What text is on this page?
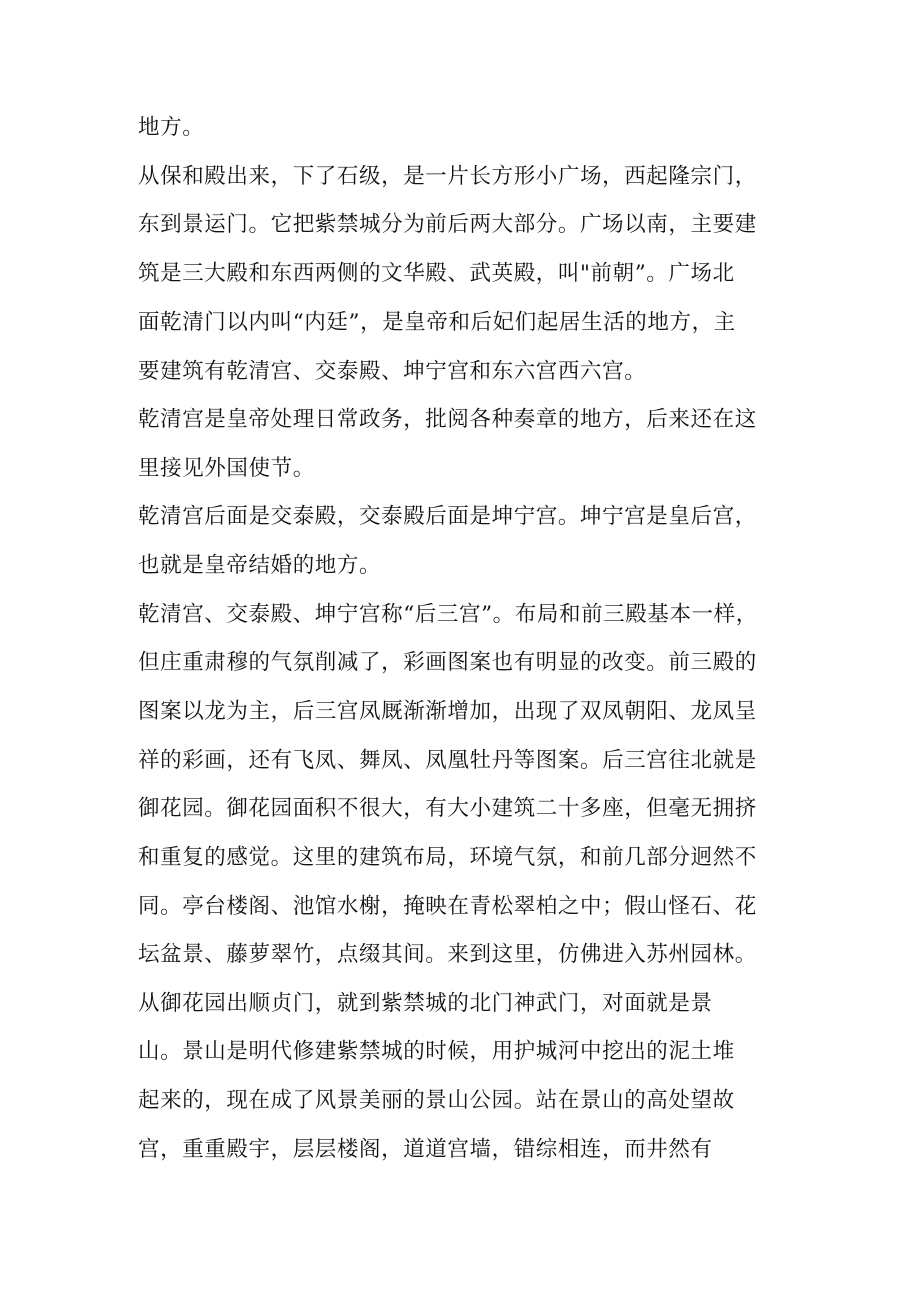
地方。
从保和殿出来，下了石级，是一片长方形小广场，西起隆宗门，
东到景运门。它把紫禁城分为前后两大部分。广场以南，主要建
筑是三大殿和东西两侧的文华殿、武英殿，叫"前朝”。广场北
面乾清门以内叫“内廷”，是皇帝和后妃们起居生活的地方，主
要建筑有乾清宫、交泰殿、坤宁宫和东六宫西六宫。
乾清宫是皇帝处理日常政务，批阅各种奏章的地方，后来还在这
里接见外国使节。
乾清宫后面是交泰殿，交泰殿后面是坤宁宫。坤宁宫是皇后宫，
也就是皇帝结婚的地方。
乾清宫、交泰殿、坤宁宫称“后三宫”。布局和前三殿基本一样，
但庄重肃穆的气氛削减了，彩画图案也有明显的改变。前三殿的
图案以龙为主，后三宫凤厩渐渐增加，出现了双凤朝阳、龙凤呈
祥的彩画，还有飞凤、舞凤、凤凰牡丹等图案。后三宫往北就是
御花园。御花园面积不很大，有大小建筑二十多座，但毫无拥挤
和重复的感觉。这里的建筑布局，环境气氛，和前几部分迥然不
同。亭台楼阁、池馆水榭，掩映在青松翠柏之中；假山怪石、花
坛盆景、藤萝翠竹，点缀其间。来到这里，仿佛进入苏州园林。
从御花园出顺贞门，就到紫禁城的北门神武门，对面就是景
山。景山是明代修建紫禁城的时候，用护城河中挖出的泥土堆
起来的，现在成了风景美丽的景山公园。站在景山的高处望故
宫，重重殿宇，层层楼阁，道道宫墙，错综相连，而井然有
